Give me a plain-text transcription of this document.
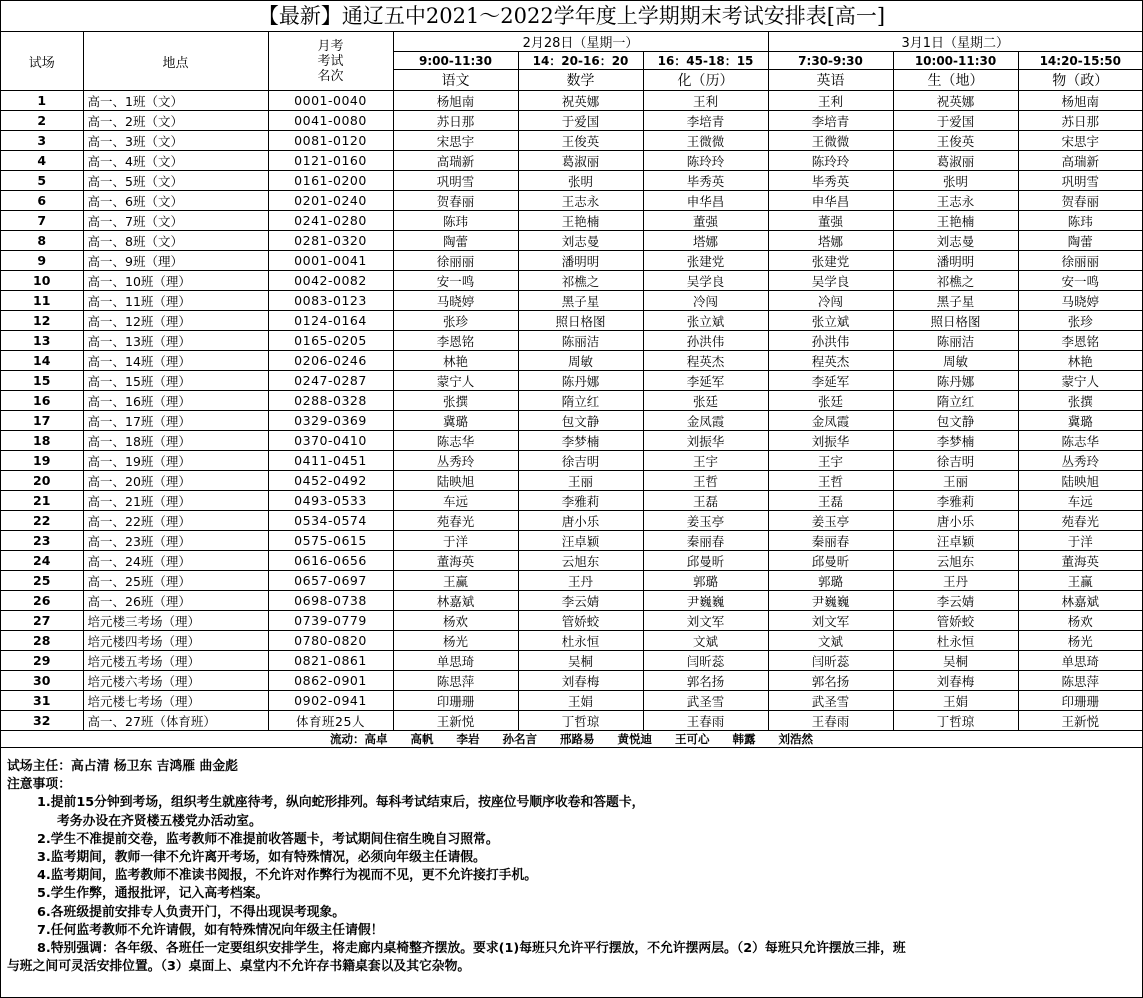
【最新】通辽五中2021～2022学年度上学期期末考试安排表[高一]
试场	地点	月考
考试
名次	2月28日（星期一）			3月1日（星期二）		
			9:00-11:30	14：20-16：20	16：45-18：15	7:30-9:30	10:00-11:30	14:20-15:50
			语文	数学	化（历）	英语	生（地）	物（政）
1	高一、1班（文）	0001-0040	杨旭南	祝英娜	王利	王利	祝英娜	杨旭南
2	高一、2班（文）	0041-0080	苏日那	于爱国	李培青	李培青	于爱国	苏日那
3	高一、3班（文）	0081-0120	宋思宇	王俊英	王微微	王微微	王俊英	宋思宇
4	高一、4班（文）	0121-0160	高瑞新	葛淑丽	陈玲玲	陈玲玲	葛淑丽	高瑞新
5	高一、5班（文）	0161-0200	巩明雪	张明	毕秀英	毕秀英	张明	巩明雪
6	高一、6班（文）	0201-0240	贺春丽	王志永	申华昌	申华昌	王志永	贺春丽
7	高一、7班（文）	0241-0280	陈玮	王艳楠	董强	董强	王艳楠	陈玮
8	高一、8班（文）	0281-0320	陶蕾	刘志曼	塔娜	塔娜	刘志曼	陶蕾
9	高一、9班（理）	0001-0041	徐丽丽	潘明明	张建党	张建党	潘明明	徐丽丽
10	高一、10班（理）	0042-0082	安一鸣	祁樵之	吴学良	吴学良	祁樵之	安一鸣
11	高一、11班（理）	0083-0123	马晓婷	黑子星	冷闯	冷闯	黑子星	马晓婷
12	高一、12班（理）	0124-0164	张珍	照日格图	张立斌	张立斌	照日格图	张珍
13	高一、13班（理）	0165-0205	李恩铭	陈丽洁	孙洪伟	孙洪伟	陈丽洁	李恩铭
14	高一、14班（理）	0206-0246	林艳	周敏	程英杰	程英杰	周敏	林艳
15	高一、15班（理）	0247-0287	蒙宁人	陈丹娜	李延军	李延军	陈丹娜	蒙宁人
16	高一、16班（理）	0288-0328	张撰	隋立红	张廷	张廷	隋立红	张撰
17	高一、17班（理）	0329-0369	冀璐	包文静	金凤霞	金凤霞	包文静	冀璐
18	高一、18班（理）	0370-0410	陈志华	李梦楠	刘振华	刘振华	李梦楠	陈志华
19	高一、19班（理）	0411-0451	丛秀玲	徐吉明	王宇	王宇	徐吉明	丛秀玲
20	高一、20班（理）	0452-0492	陆映旭	王丽	王哲	王哲	王丽	陆映旭
21	高一、21班（理）	0493-0533	车远	李雅莉	王磊	王磊	李雅莉	车远
22	高一、22班（理）	0534-0574	苑春光	唐小乐	姜玉亭	姜玉亭	唐小乐	苑春光
23	高一、23班（理）	0575-0615	于洋	汪卓颖	秦丽春	秦丽春	汪卓颖	于洋
24	高一、24班（理）	0616-0656	董海英	云旭东	邱曼昕	邱曼昕	云旭东	董海英
25	高一、25班（理）	0657-0697	王赢	王丹	郭璐	郭璐	王丹	王赢
26	高一、26班（理）	0698-0738	林嘉斌	李云婧	尹巍巍	尹巍巍	李云婧	林嘉斌
27	培元楼三考场（理）	0739-0779	杨欢	管娇蛟	刘文军	刘文军	管娇蛟	杨欢
28	培元楼四考场（理）	0780-0820	杨光	杜永恒	文斌	文斌	杜永恒	杨光
29	培元楼五考场（理）	0821-0861	单思琦	吴桐	闫昕蕊	闫昕蕊	吴桐	单思琦
30	培元楼六考场（理）	0862-0901	陈思萍	刘春梅	郭名扬	郭名扬	刘春梅	陈思萍
31	培元楼七考场（理）	0902-0941	印珊珊	王娟	武圣雪	武圣雪	王娟	印珊珊
32	高一、27班（体育班）	体育班25人	王新悦	丁哲琼	王春雨	王春雨	丁哲琼	王新悦
流动：高卓　　高帆　　李岩　　孙名言　　邢路易　　黄悦迪　　王可心　　韩露　　刘浩然								
试场主任：高占清 杨卫东 吉鸿雁 曲金彪
注意事项：
1.提前15分钟到考场，组织考生就座待考，纵向蛇形排列。每科考试结束后，按座位号顺序收卷和答题卡，
考务办设在齐贤楼五楼党办活动室。
2.学生不准提前交卷，监考教师不准提前收答题卡，考试期间住宿生晚自习照常。
3.监考期间，教师一律不允许离开考场，如有特殊情况，必须向年级主任请假。
4.监考期间，监考教师不准读书阅报，不允许对作弊行为视而不见，更不允许接打手机。
5.学生作弊，通报批评，记入高考档案。
6.各班级提前安排专人负责开门，不得出现误考现象。
7.任何监考教师不允许请假，如有特殊情况向年级主任请假！
8.特别强调：各年级、各班任一定要组织安排学生，将走廊内桌椅整齐摆放。要求(1)每班只允许平行摆放，不允许摆两层。（2）每班只允许摆放三排，班
与班之间可灵活安排位置。（3）桌面上、桌堂内不允许存书籍桌套以及其它杂物。
